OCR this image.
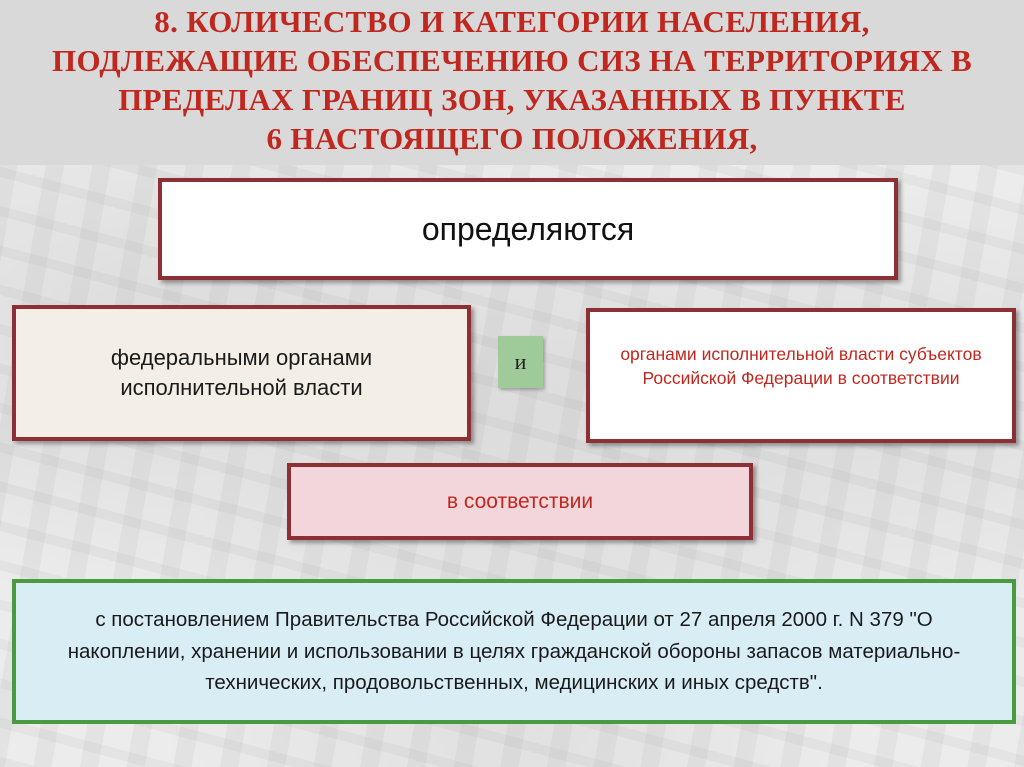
8. КОЛИЧЕСТВО И КАТЕГОРИИ НАСЕЛЕНИЯ,
ПОДЛЕЖАЩИЕ ОБЕСПЕЧЕНИЮ СИЗ НА ТЕРРИТОРИЯХ В
ПРЕДЕЛАХ ГРАНИЦ ЗОН, УКАЗАННЫХ В ПУНКТЕ
6 НАСТОЯЩЕГО ПОЛОЖЕНИЯ,
определяются
федеральными органами исполнительной власти
и	органами исполнительной власти субъектов Российской Федерации в соответствии
в соответствии
с постановлением Правительства Российской Федерации от 27 апреля 2000 г. N 379 "О накоплении, хранении и использовании в целях гражданской обороны запасов материально-технических, продовольственных, медицинских и иных средств".
